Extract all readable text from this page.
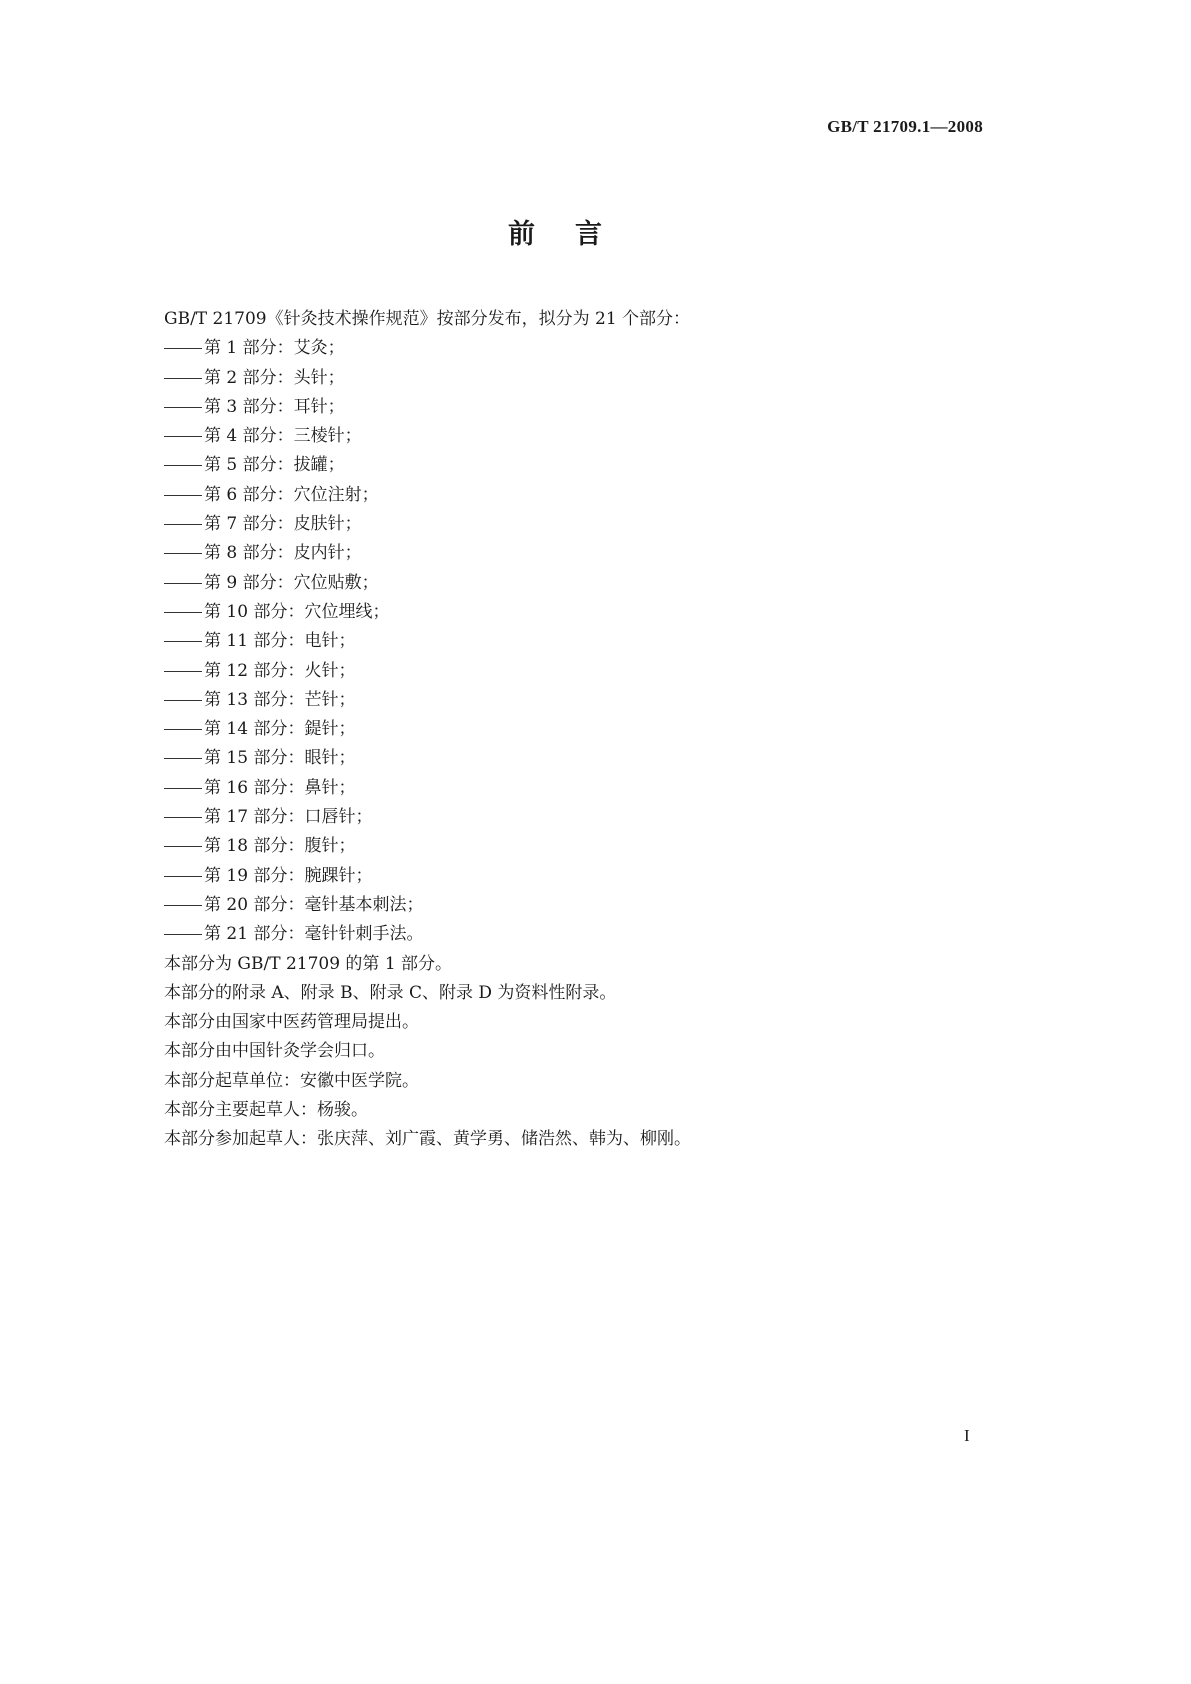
GB/T 21709.1—2008
前言
GB/T 21709《针灸技术操作规范》按部分发布，拟分为 21 个部分：
第 1 部分：艾灸；
第 2 部分：头针；
第 3 部分：耳针；
第 4 部分：三棱针；
第 5 部分：拔罐；
第 6 部分：穴位注射；
第 7 部分：皮肤针；
第 8 部分：皮内针；
第 9 部分：穴位贴敷；
第 10 部分：穴位埋线；
第 11 部分：电针；
第 12 部分：火针；
第 13 部分：芒针；
第 14 部分：鍉针；
第 15 部分：眼针；
第 16 部分：鼻针；
第 17 部分：口唇针；
第 18 部分：腹针；
第 19 部分：腕踝针；
第 20 部分：毫针基本刺法；
第 21 部分：毫针针刺手法。
本部分为 GB/T 21709 的第 1 部分。
本部分的附录 A、附录 B、附录 C、附录 D 为资料性附录。
本部分由国家中医药管理局提出。
本部分由中国针灸学会归口。
本部分起草单位：安徽中医学院。
本部分主要起草人：杨骏。
本部分参加起草人：张庆萍、刘广霞、黄学勇、储浩然、韩为、柳刚。
I
